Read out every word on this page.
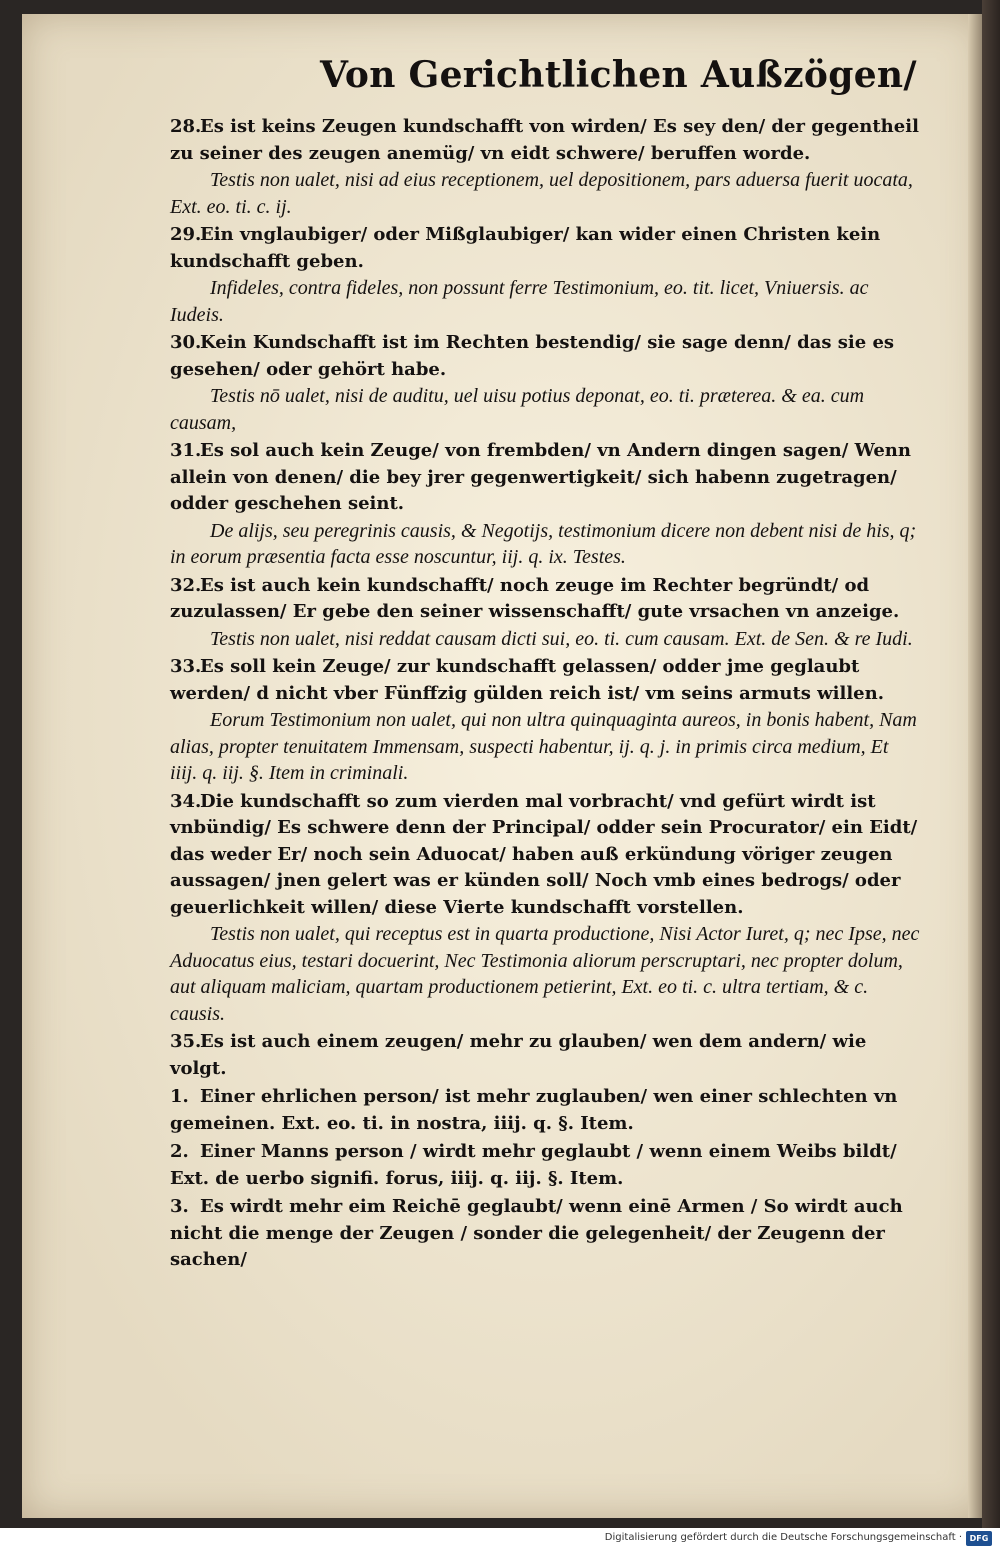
Von Gerichtlichen Außzögen/

28.Es ist keins Zeugen kundschafft von wirden/ Es sey den/ der gegentheil zu seiner des zeugen anemüg/ vn eidt schwere/ beruffen worde.

Testis non ualet, nisi ad eius receptionem, uel depositionem, pars aduersa fuerit uocata, Ext. eo. ti. c. ij.

29.Ein vnglaubiger/ oder Mißglaubiger/ kan wider einen Christen kein kundschafft geben.

Infideles, contra fideles, non possunt ferre Testimonium, eo. tit. licet, Vniuersis. ac Iudeis.

30.Kein Kundschafft ist im Rechten bestendig/ sie sage denn/ das sie es gesehen/ oder gehört habe.

Testis nō ualet, nisi de auditu, uel uisu potius deponat, eo. ti. præterea. & ea. cum causam,

31.Es sol auch kein Zeuge/ von frembden/ vn Andern dingen sagen/ Wenn allein von denen/ die bey jrer gegenwertigkeit/ sich habenn zugetragen/ odder geschehen seint.

De alijs, seu peregrinis causis, & Negotijs, testimonium dicere non debent nisi de his, q; in eorum præsentia facta esse noscuntur, iij. q. ix. Testes.

32.Es ist auch kein kundschafft/ noch zeuge im Rechter begründt/ od zuzulassen/ Er gebe den seiner wissenschafft/ gute vrsachen vn anzeige.

Testis non ualet, nisi reddat causam dicti sui, eo. ti. cum causam. Ext. de Sen. & re Iudi.

33.Es soll kein Zeuge/ zur kundschafft gelassen/ odder jme geglaubt werden/ d nicht vber Fünffzig gülden reich ist/ vm seins armuts willen.

Eorum Testimonium non ualet, qui non ultra quinquaginta aureos, in bonis habent, Nam alias, propter tenuitatem Immensam, suspecti habentur, ij. q. j. in primis circa medium, Et iiij. q. iij. §. Item in criminali.

34.Die kundschafft so zum vierden mal vorbracht/ vnd gefürt wirdt ist vnbündig/ Es schwere denn der Principal/ odder sein Procurator/ ein Eidt/ das weder Er/ noch sein Aduocat/ haben auß erkündung vöriger zeugen aussagen/ jnen gelert was er künden soll/ Noch vmb eines bedrogs/ oder geuerlichkeit willen/ diese Vierte kundschafft vorstellen.

Testis non ualet, qui receptus est in quarta productione, Nisi Actor Iuret, q; nec Ipse, nec Aduocatus eius, testari docuerint, Nec Testimonia aliorum perscruptari, nec propter dolum, aut aliquam maliciam, quartam productionem petierint, Ext. eo ti. c. ultra tertiam, & c. causis.

35.Es ist auch einem zeugen/ mehr zu glauben/ wen dem andern/ wie volgt.

1. Einer ehrlichen person/ ist mehr zuglauben/ wen einer schlechten vn gemeinen. Ext. eo. ti. in nostra, iiij. q. §. Item.

2. Einer Manns person / wirdt mehr geglaubt / wenn einem Weibs bildt/ Ext. de uerbo signifi. forus, iiij. q. iij. §. Item.

3. Es wirdt mehr eim Reichē geglaubt/ wenn einē Armen / So wirdt auch nicht die menge der Zeugen / sonder die gelegenheit/ der Zeugenn der sachen/

Digitalisierung gefördert durch die Deutsche Forschungsgemeinschaft · DFG
